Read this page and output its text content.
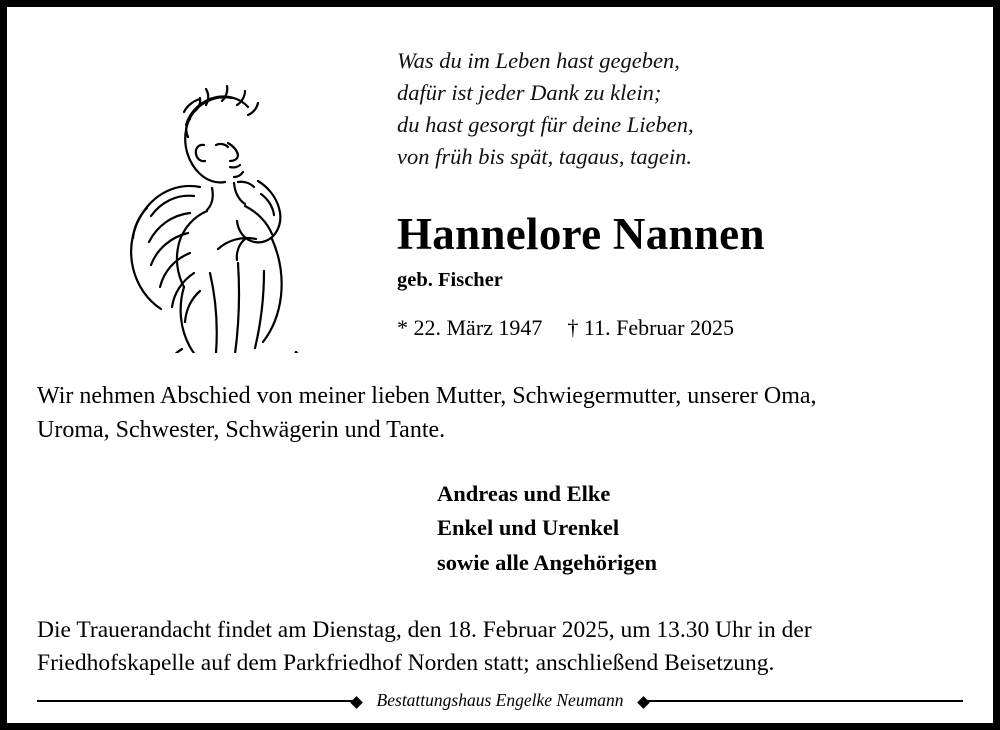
Was du im Leben hast gegeben,
dafür ist jeder Dank zu klein;
du hast gesorgt für deine Lieben,
von früh bis spät, tagaus, tagein.
Hannelore Nannen
geb. Fischer
* 22. März 1947 † 11. Februar 2025
Wir nehmen Abschied von meiner lieben Mutter, Schwiegermutter, unserer Oma,
Uroma, Schwester, Schwägerin und Tante.
Andreas und Elke
Enkel und Urenkel
sowie alle Angehörigen
Die Trauerandacht findet am Dienstag, den 18. Februar 2025, um 13.30 Uhr in der
Friedhofskapelle auf dem Parkfriedhof Norden statt; anschließend Beisetzung.
Bestattungshaus Engelke Neumann
